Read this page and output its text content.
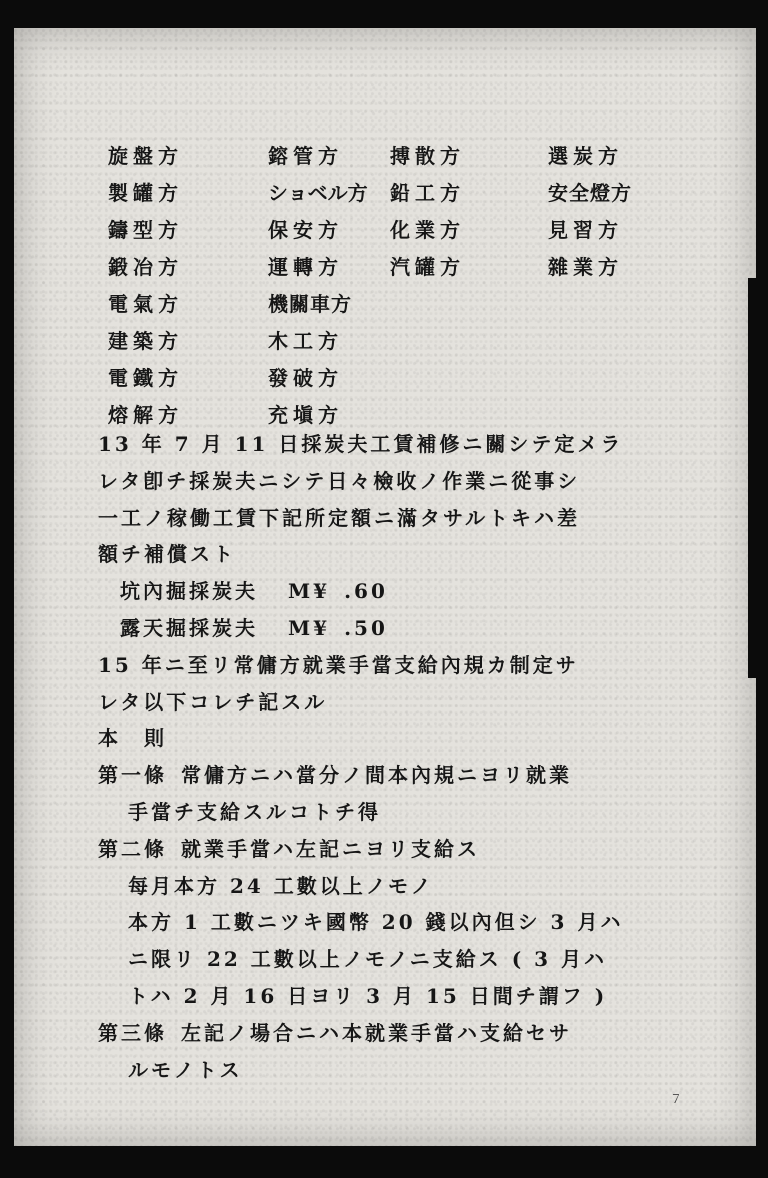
旋盤方	鎔管方	搏散方	選炭方
製罐方	ショベル方	鉛工方	安全燈方
鑄型方	保安方	化業方	見習方
鍛冶方	運轉方	汽罐方	雜業方
電氣方	機關車方
建築方	木工方
電鐵方	發破方
熔解方	充塡方
13 年 7 月 11 日採炭夫工賃補修ニ關シテ定メラ
レタ卽チ採炭夫ニシテ日々檢收ノ作業ニ從事シ
一工ノ稼働工賃下記所定額ニ滿タサルトキハ差
額チ補償スト
坑內掘採炭夫 M¥ .60
露天掘採炭夫 M¥ .50
15 年ニ至リ常傭方就業手當支給內規カ制定サ
レタ以下コレチ記スル
本　則
第一條 常傭方ニハ當分ノ間本內規ニヨリ就業
手當チ支給スルコトチ得
第二條 就業手當ハ左記ニヨリ支給ス
每月本方 24 工數以上ノモノ
本方 1 工數ニツキ國幣 20 錢以內但シ 3 月ハ
ニ限リ 22 工數以上ノモノニ支給ス ( 3 月ハ
トハ 2 月 16 日ヨリ 3 月 15 日間チ謂フ )
第三條 左記ノ場合ニハ本就業手當ハ支給セサ
ルモノトス
７
